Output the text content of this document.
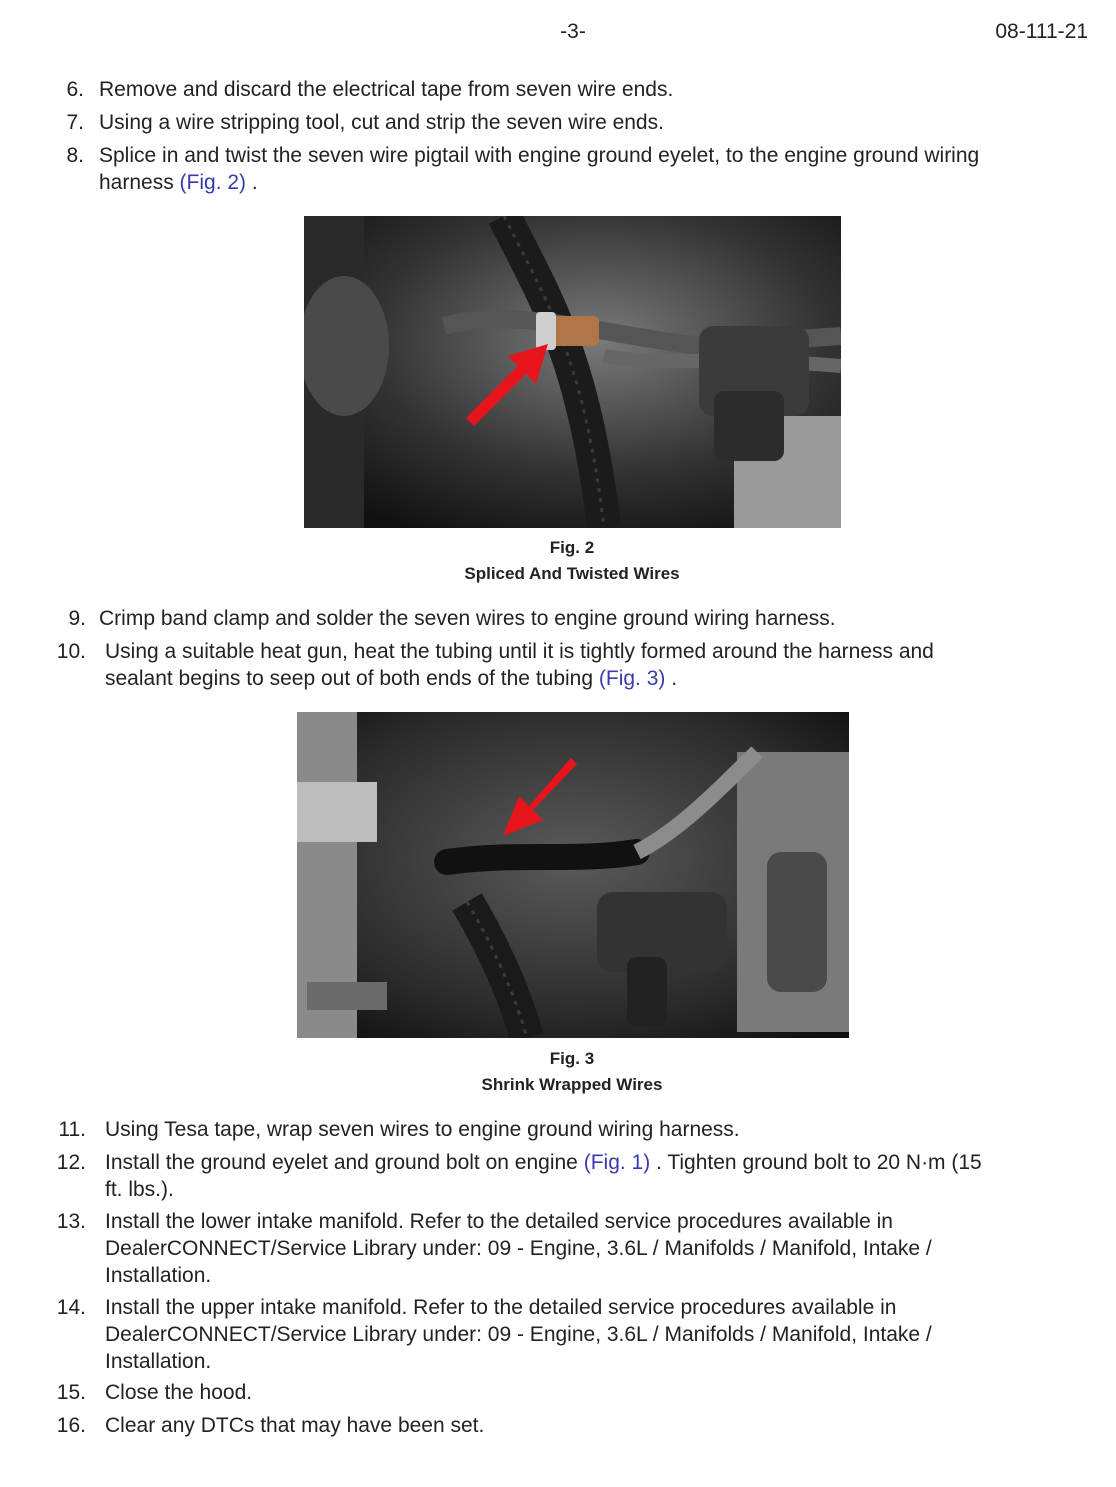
-3-	08-111-21
6. Remove and discard the electrical tape from seven wire ends.
7. Using a wire stripping tool, cut and strip the seven wire ends.
8. Splice in and twist the seven wire pigtail with engine ground eyelet, to the engine ground wiring
harness (Fig. 2) .
Fig. 2
Spliced And Twisted Wires
9. Crimp band clamp and solder the seven wires to engine ground wiring harness.
10. Using a suitable heat gun, heat the tubing until it is tightly formed around the harness and
sealant begins to seep out of both ends of the tubing (Fig. 3) .
Fig. 3
Shrink Wrapped Wires
11. Using Tesa tape, wrap seven wires to engine ground wiring harness.
12. Install the ground eyelet and ground bolt on engine (Fig. 1) . Tighten ground bolt to 20 N·m (15
ft. lbs.).
13. Install the lower intake manifold. Refer to the detailed service procedures available in
DealerCONNECT/Service Library under: 09 - Engine, 3.6L / Manifolds / Manifold, Intake /
Installation.
14. Install the upper intake manifold. Refer to the detailed service procedures available in
DealerCONNECT/Service Library under: 09 - Engine, 3.6L / Manifolds / Manifold, Intake /
Installation.
15. Close the hood.
16. Clear any DTCs that may have been set.
